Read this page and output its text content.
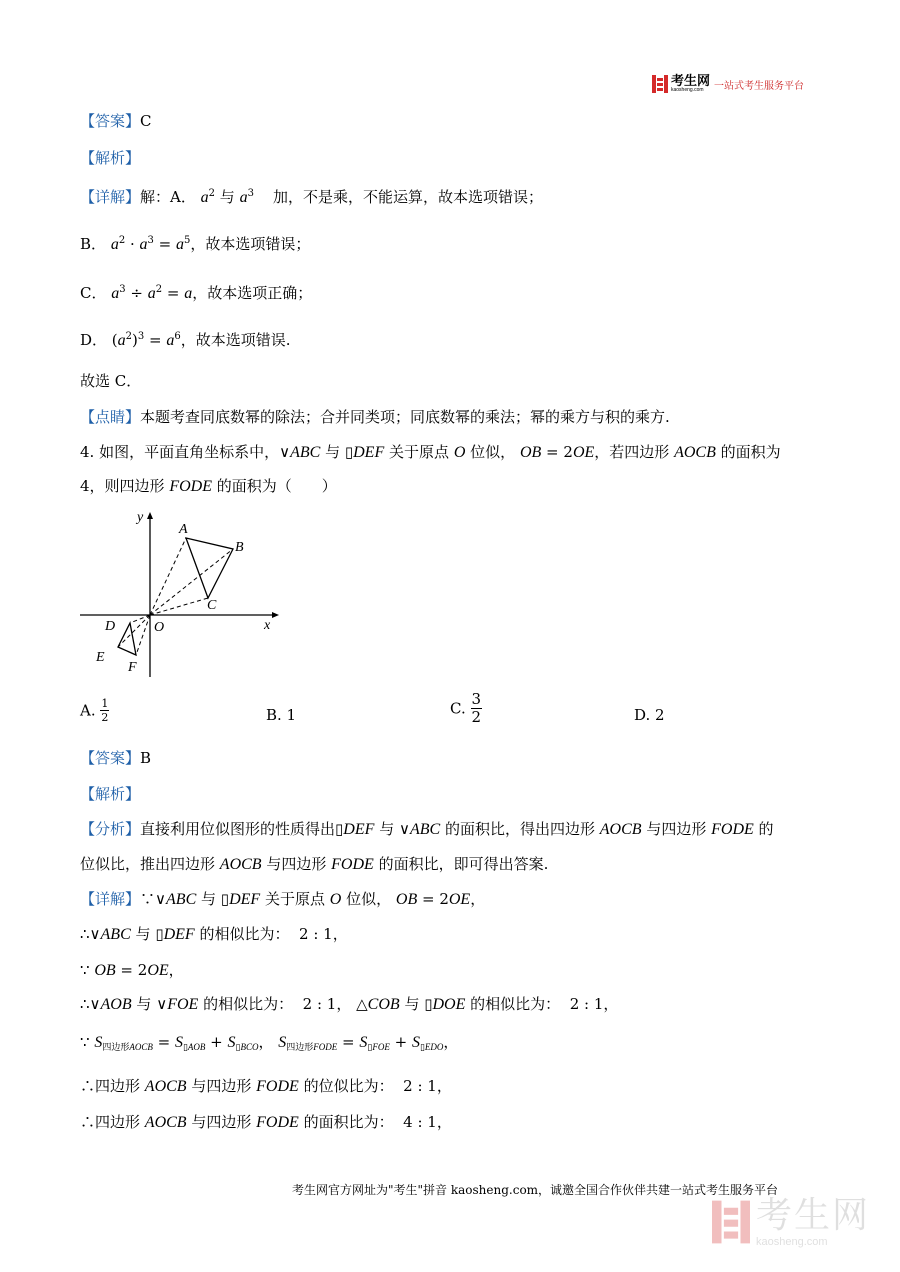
考生网
kaosheng.com	一站式考生服务平台
【答案】C
【解析】
【详解】解：A． $a^2$ 与 $a^3$ 加，不是乘，不能运算，故本选项错误；
B． $a^2 \cdot a^3 = a^5$，故本选项错误；
C． $a^3 \div a^2 = a$，故本选项正确；
D． $(a^2)^3 = a^6$，故本选项错误.
故选 C．
【点睛】本题考查同底数幂的除法；合并同类项；同底数幂的乘法；幂的乘方与积的乘方.
4. 如图，平面直角坐标系中，∨ABC 与 ▯DEF 关于原点 O 位似， OB = 2OE，若四边形 AOCB 的面积为
4，则四边形 FODE 的面积为（　　）
y
x
O
A
B
C
D
E
F
A. $\frac{1}{2}$	B. 1	C. $\frac{3}{2}$	D. 2
【答案】B
【解析】
【分析】直接利用位似图形的性质得出▯DEF 与 ∨ABC 的面积比，得出四边形 AOCB 与四边形 FODE 的
位似比，推出四边形 AOCB 与四边形 FODE 的面积比，即可得出答案.
【详解】∵∨ABC 与 ▯DEF 关于原点 O 位似， OB = 2OE，
∴∨ABC 与 ▯DEF 的相似比为： 2 : 1，
∵ OB = 2OE，
∴∨AOB 与 ∨FOE 的相似比为： 2 : 1， △COB 与 ▯DOE 的相似比为： 2 : 1，
∵ $S_{四边形AOCB} = S_{▯AOB} + S_{▯BCO}$， $S_{四边形FODE} = S_{▯FOE} + S_{▯EDO}$，
∴四边形 AOCB 与四边形 FODE 的位似比为： 2 : 1，
∴四边形 AOCB 与四边形 FODE 的面积比为： 4 : 1，
考生网官方网址为"考生"拼音 kaosheng.com，诚邀全国合作伙伴共建一站式考生服务平台
考生网
kaosheng.com
